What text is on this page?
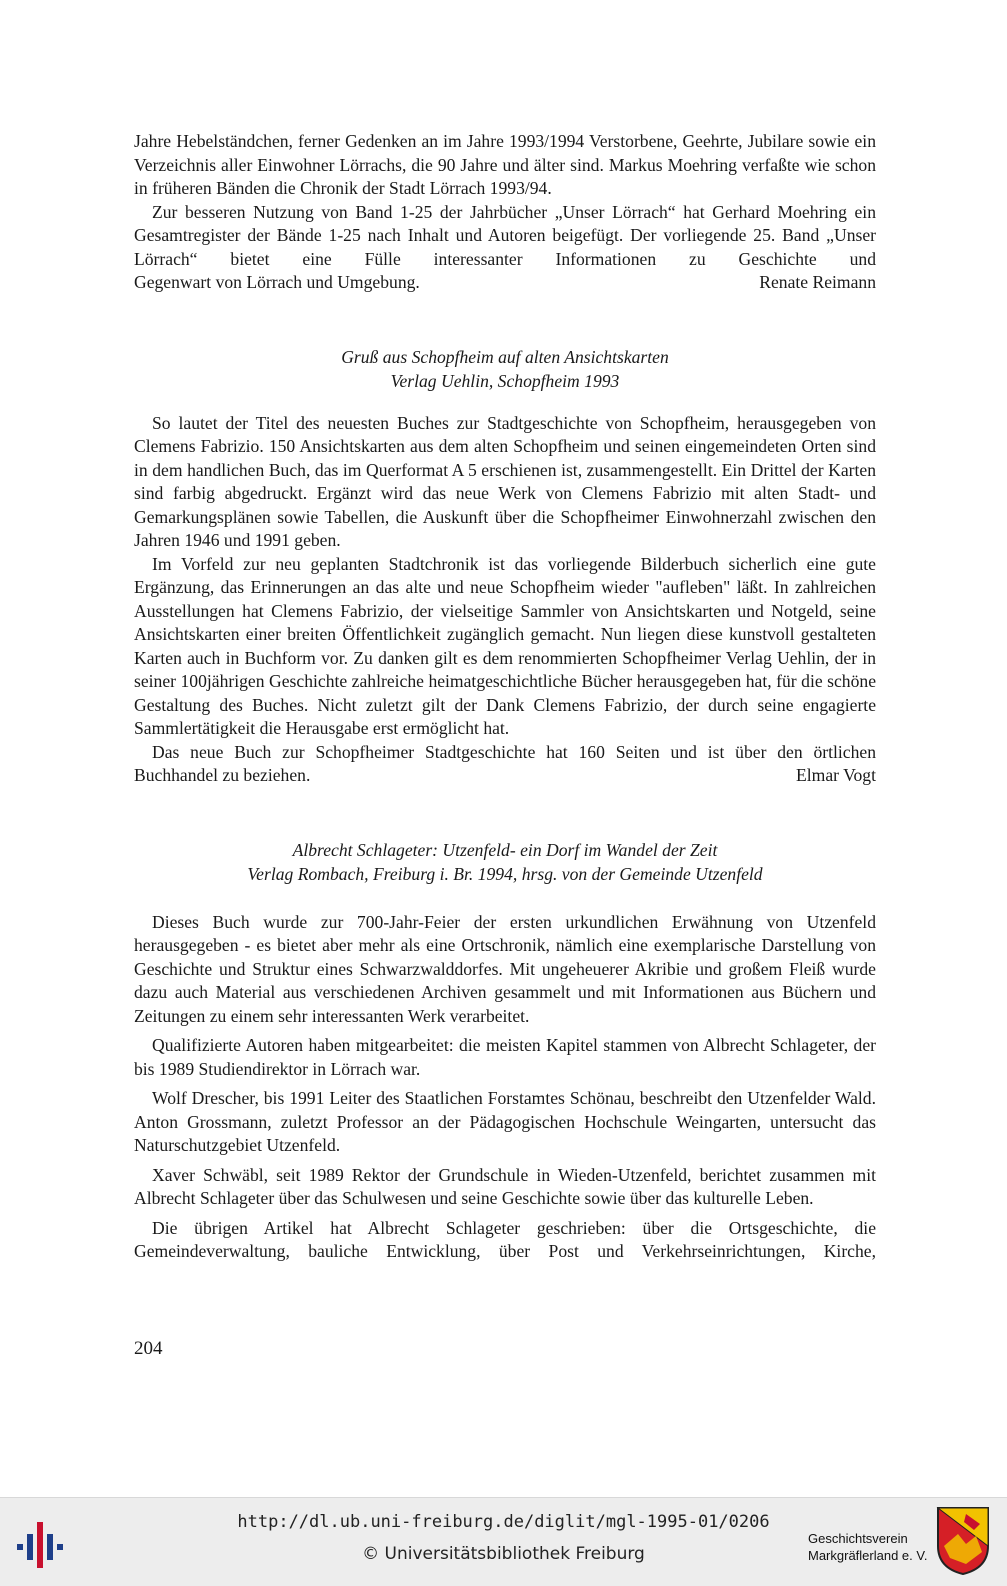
Jahre Hebelständchen, ferner Gedenken an im Jahre 1993/1994 Verstorbene, Geehrte, Jubilare sowie ein Verzeichnis aller Einwohner Lörrachs, die 90 Jahre und älter sind. Markus Moehring verfaßte wie schon in früheren Bänden die Chronik der Stadt Lörrach 1993/94.

Zur besseren Nutzung von Band 1-25 der Jahrbücher „Unser Lörrach“ hat Gerhard Moehring ein Gesamtregister der Bände 1-25 nach Inhalt und Autoren beigefügt. Der vorliegende 25. Band „Unser Lörrach“ bietet eine Fülle interessanter Informationen zu Geschichte und

Gegenwart von Lörrach und Umgebung.	Renate Reimann

Gruß aus Schopfheim auf alten Ansichtskarten

Verlag Uehlin, Schopfheim 1993

So lautet der Titel des neuesten Buches zur Stadtgeschichte von Schopfheim, herausgegeben von Clemens Fabrizio. 150 Ansichtskarten aus dem alten Schopfheim und seinen eingemeindeten Orten sind in dem handlichen Buch, das im Querformat A 5 erschienen ist, zusammengestellt. Ein Drittel der Karten sind farbig abgedruckt. Ergänzt wird das neue Werk von Clemens Fabrizio mit alten Stadt- und Gemarkungsplänen sowie Tabellen, die Auskunft über die Schopfheimer Einwohnerzahl zwischen den Jahren 1946 und 1991 geben.

Im Vorfeld zur neu geplanten Stadtchronik ist das vorliegende Bilderbuch sicherlich eine gute Ergänzung, das Erinnerungen an das alte und neue Schopfheim wieder "aufleben" läßt. In zahlreichen Ausstellungen hat Clemens Fabrizio, der vielseitige Sammler von Ansichtskarten und Notgeld, seine Ansichtskarten einer breiten Öffentlichkeit zugänglich gemacht. Nun liegen diese kunstvoll gestalteten Karten auch in Buchform vor. Zu danken gilt es dem renommierten Schopfheimer Verlag Uehlin, der in seiner 100jährigen Geschichte zahlreiche heimatgeschichtliche Bücher herausgegeben hat, für die schöne Gestaltung des Buches. Nicht zuletzt gilt der Dank Clemens Fabrizio, der durch seine engagierte Sammlertätigkeit die Herausgabe erst ermöglicht hat.

Das neue Buch zur Schopfheimer Stadtgeschichte hat 160 Seiten und ist über den örtlichen Buchhandel zu beziehen.	Elmar Vogt

Albrecht Schlageter: Utzenfeld- ein Dorf im Wandel der Zeit

Verlag Rombach, Freiburg i. Br. 1994, hrsg. von der Gemeinde Utzenfeld

Dieses Buch wurde zur 700-Jahr-Feier der ersten urkundlichen Erwähnung von Utzenfeld herausgegeben - es bietet aber mehr als eine Ortschronik, nämlich eine exemplarische Darstellung von Geschichte und Struktur eines Schwarzwalddorfes. Mit ungeheuerer Akribie und großem Fleiß wurde dazu auch Material aus verschiedenen Archiven gesammelt und mit Informationen aus Büchern und Zeitungen zu einem sehr interessanten Werk verarbeitet.

Qualifizierte Autoren haben mitgearbeitet: die meisten Kapitel stammen von Albrecht Schlageter, der bis 1989 Studiendirektor in Lörrach war.

Wolf Drescher, bis 1991 Leiter des Staatlichen Forstamtes Schönau, beschreibt den Utzenfelder Wald. Anton Grossmann, zuletzt Professor an der Pädagogischen Hochschule Weingarten, untersucht das Naturschutzgebiet Utzenfeld.

Xaver Schwäbl, seit 1989 Rektor der Grundschule in Wieden-Utzenfeld, berichtet zusammen mit Albrecht Schlageter über das Schulwesen und seine Geschichte sowie über das kulturelle Leben.

Die übrigen Artikel hat Albrecht Schlageter geschrieben: über die Ortsgeschichte, die Gemeindeverwaltung, bauliche Entwicklung, über Post und Verkehrseinrichtungen, Kirche,

204
http://dl.ub.uni-freiburg.de/diglit/mgl-1995-01/0206
© Universitätsbibliothek Freiburg
Geschichtsverein
Markgräflerland e. V.
